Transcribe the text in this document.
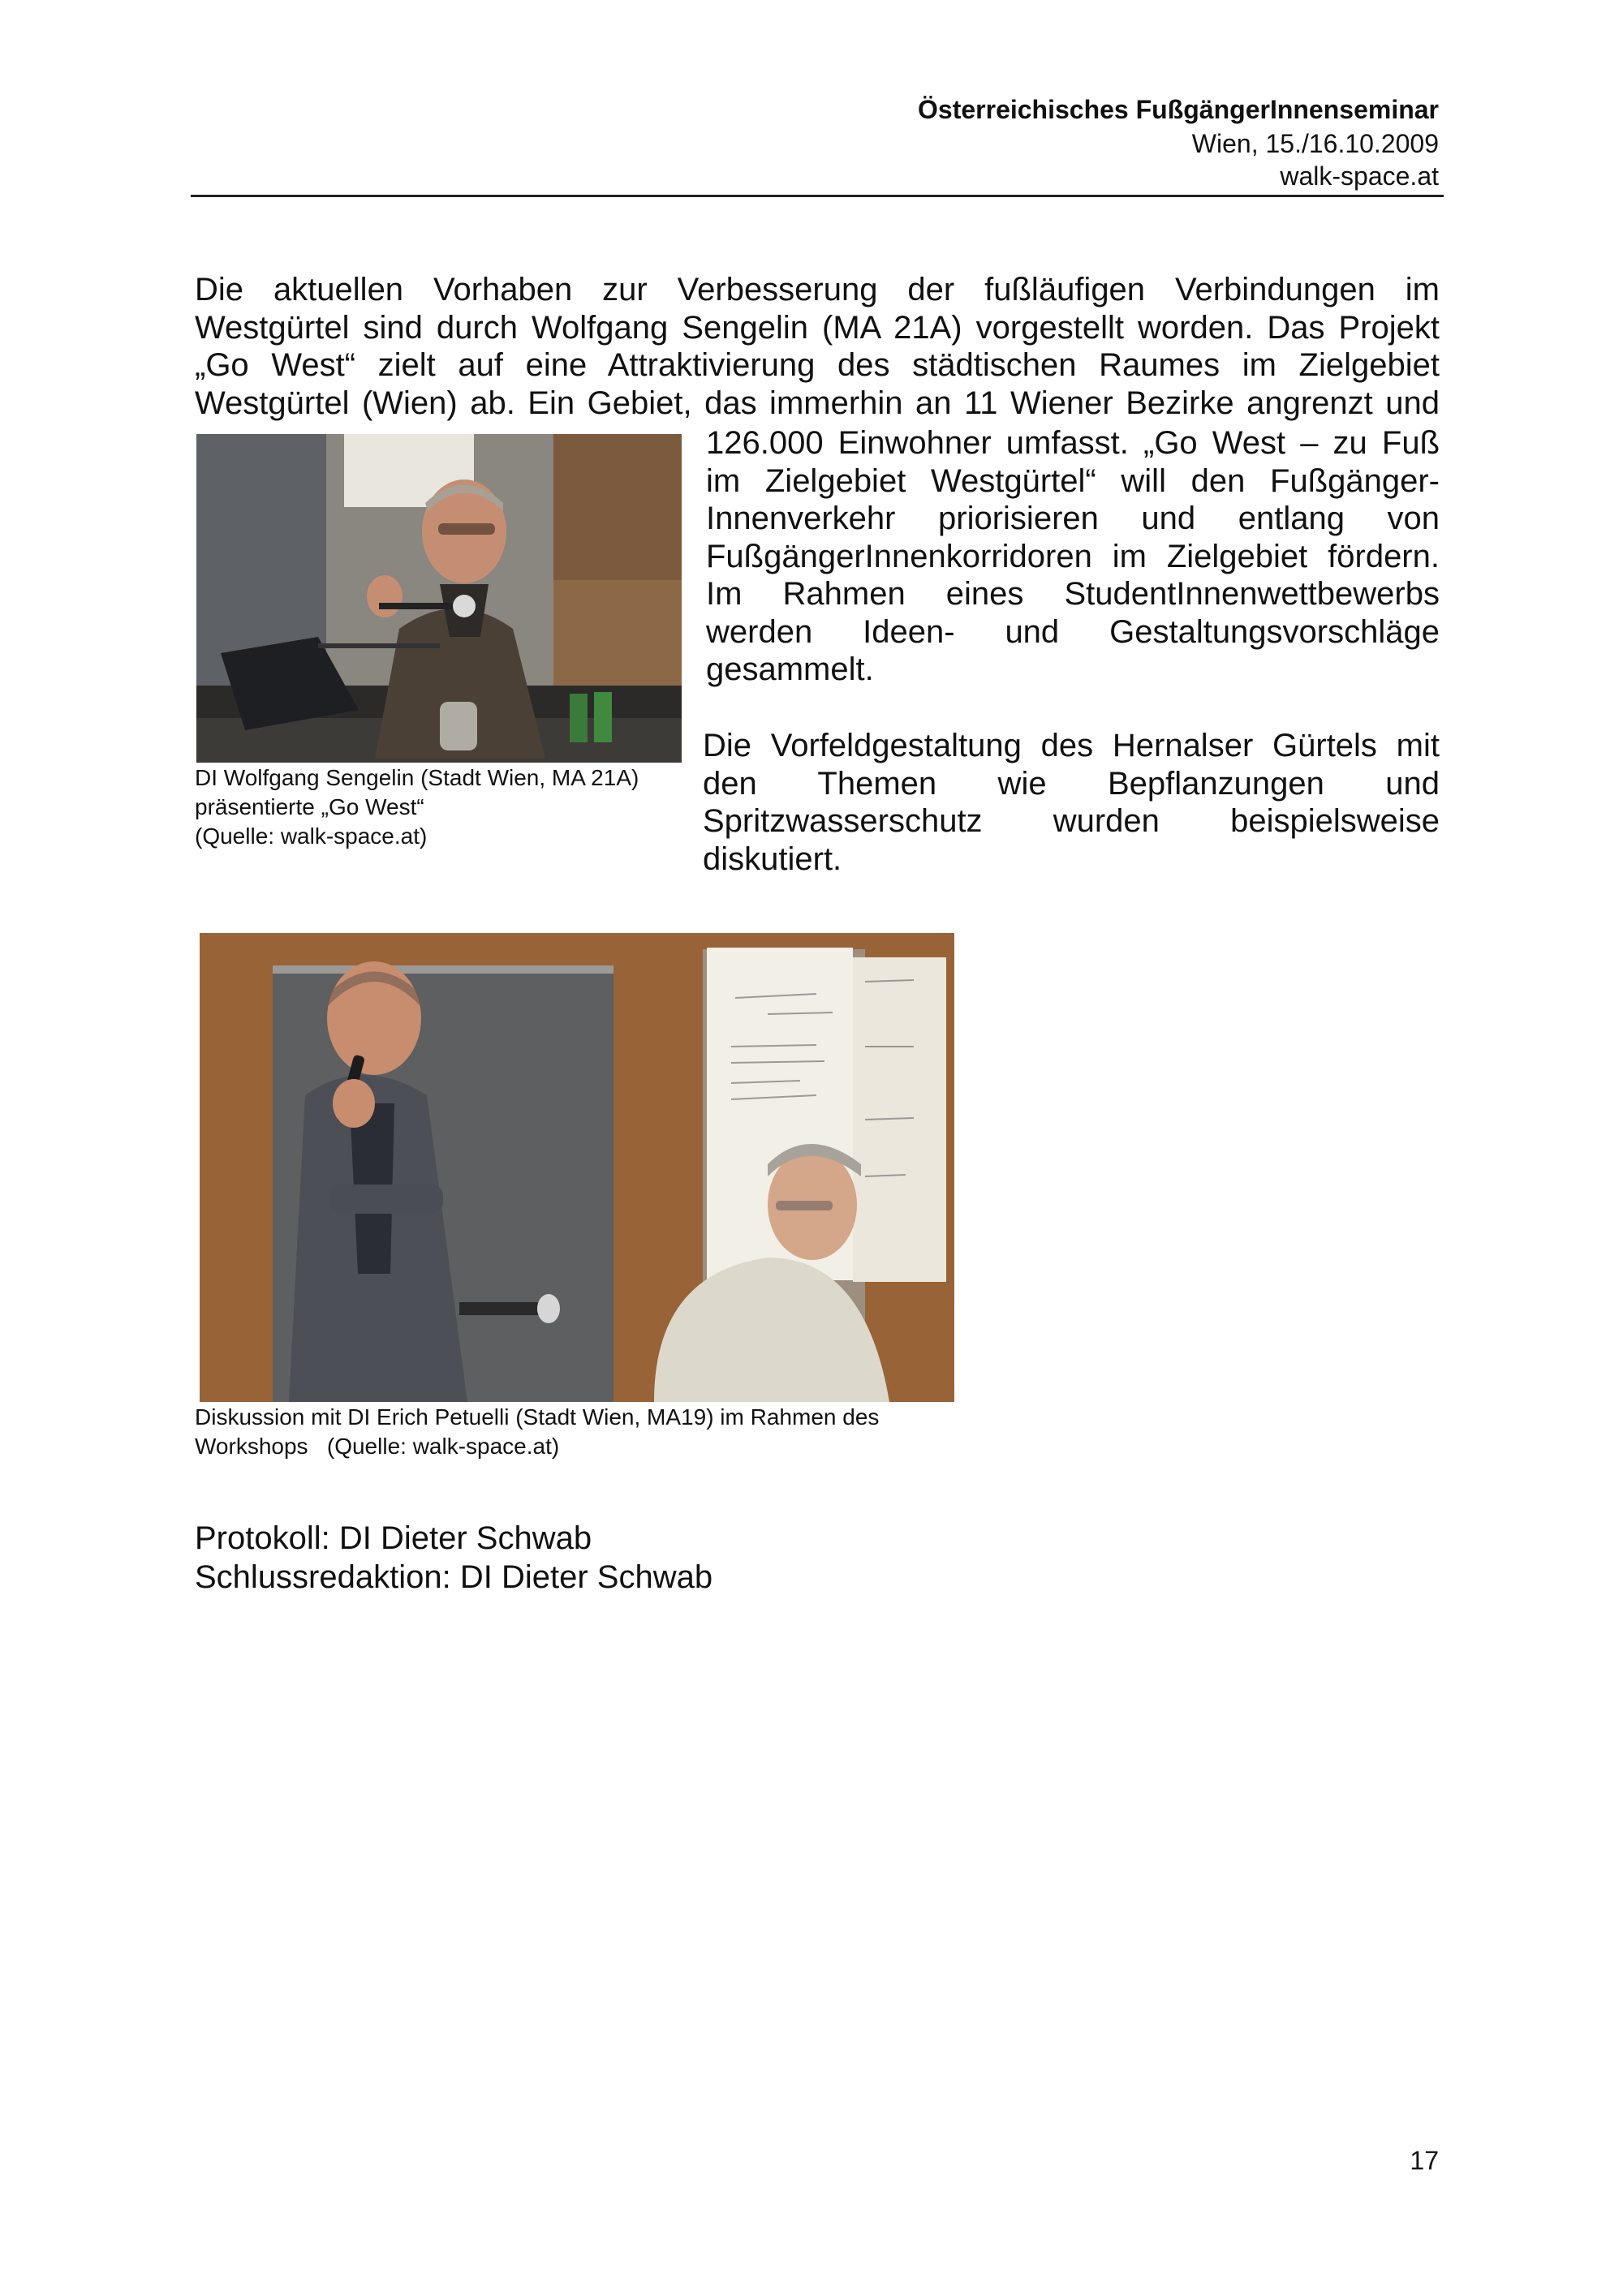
Österreichisches FußgängerInnenseminar
Wien, 15./16.10.2009
walk-space.at
Die aktuellen Vorhaben zur Verbesserung der fußläufigen Verbindungen im
Westgürtel sind durch Wolfgang Sengelin (MA 21A) vorgestellt worden. Das Projekt
„Go West“ zielt auf eine Attraktivierung des städtischen Raumes im Zielgebiet
Westgürtel (Wien) ab. Ein Gebiet, das immerhin an 11 Wiener Bezirke angrenzt und
DI Wolfgang Sengelin (Stadt Wien, MA 21A)
präsentierte „Go West“
(Quelle: walk-space.at)
126.000 Einwohner umfasst. „Go West – zu Fuß
im Zielgebiet Westgürtel“ will den Fußgänger-
Innenverkehr priorisieren und entlang von
FußgängerInnenkorridoren im Zielgebiet fördern.
Im Rahmen eines StudentInnenwettbewerbs
werden Ideen- und Gestaltungsvorschläge
gesammelt.
Die Vorfeldgestaltung des Hernalser Gürtels mit
den Themen wie Bepflanzungen und
Spritzwasserschutz wurden beispielsweise
diskutiert.
Diskussion mit DI Erich Petuelli (Stadt Wien, MA19) im Rahmen des
Workshops   (Quelle: walk-space.at)
Protokoll: DI Dieter Schwab
Schlussredaktion: DI Dieter Schwab
17
